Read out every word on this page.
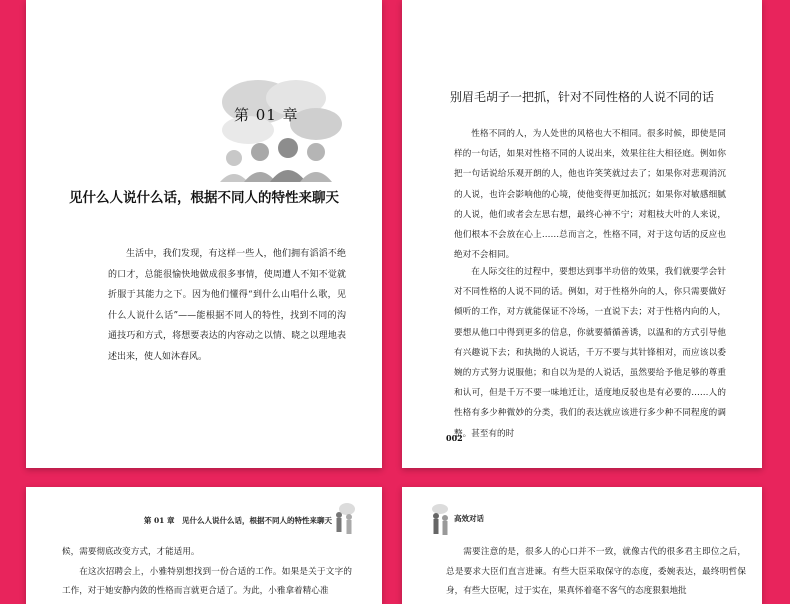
第 01 章
见什么人说什么话，根据不同人的特性来聊天

生活中，我们发现，有这样一些人，他们拥有滔滔不绝的口才，总能很愉快地做成很多事情，使周遭人不知不觉就折服于其能力之下。因为他们懂得“到什么山唱什么歌，见什么人说什么话”——能根据不同人的特性，找到不同的沟通技巧和方式，将想要表达的内容动之以情、晓之以理地表述出来，使人如沐春风。

别眉毛胡子一把抓，针对不同性格的人说不同的话

性格不同的人，为人处世的风格也大不相同。很多时候，即使是同样的一句话，如果对性格不同的人说出来，效果往往大相径庭。例如你把一句话说给乐观开朗的人，他也许笑笑就过去了；如果你对悲观消沉的人说，也许会影响他的心境，使他变得更加抵沉；如果你对敏感细腻的人说，他们或者会左思右想，最终心神不宁；对粗枝大叶的人来说，他们根本不会放在心上……总而言之，性格不同，对于这句话的反应也绝对不会相同。

在人际交往的过程中，要想达到事半功倍的效果，我们就要学会针对不同性格的人说不同的话。例如，对于性格外向的人，你只需要做好倾听的工作，对方就能保证不冷场，一直说下去；对于性格内向的人，要想从他口中得到更多的信息，你就要循循善诱，以温和的方式引导他有兴趣说下去；和执拗的人说话，千万不要与其针锋相对，而应该以委婉的方式努力说服他；和自以为是的人说话，虽然要给予他足够的尊重和认可，但是千万不要一味地迁让，适度地反驳也是有必要的……人的性格有多少种微妙的分类，我们的表达就应该进行多少种不同程度的调整。甚至有的时

002
第 01 章　见什么人说什么话，根据不同人的特性来聊天
候，需要彻底改变方式，才能适用。
在这次招聘会上，小雅特别想找到一份合适的工作。如果是关于文字的工作，对于她安静内敛的性格而言就更合适了。为此，小雅拿着精心准
高效对话

需要注意的是，很多人的心口并不一致，就像古代的很多君主即位之后，总是要求大臣们直言进谏。有些大臣采取保守的态度，委婉表达，最终明哲保身，有些大臣呢，过于实在，果真怀着毫不客气的态度狠狠地批
